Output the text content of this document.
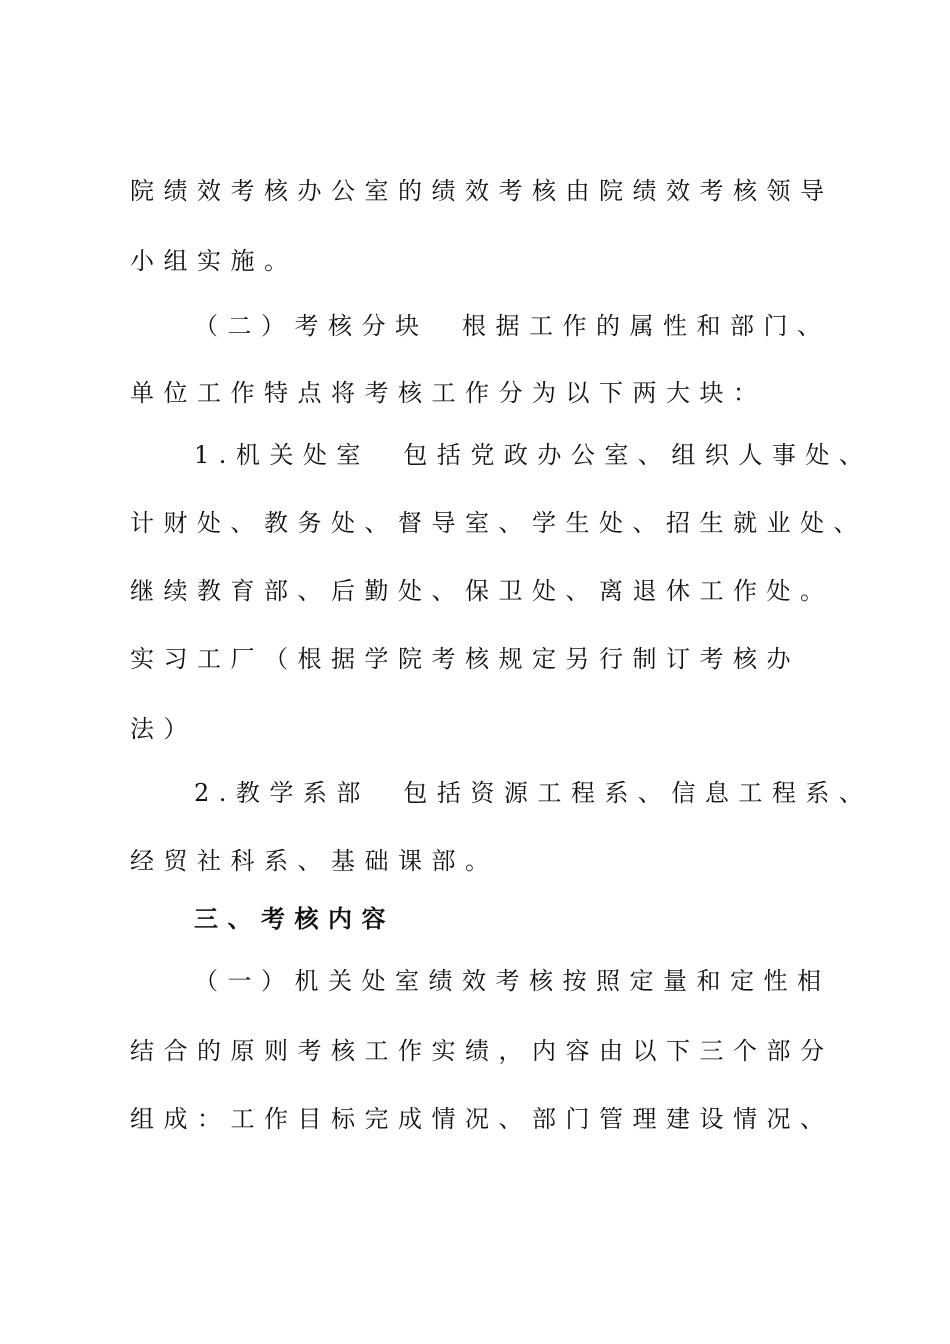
院绩效考核办公室的绩效考核由院绩效考核领导
小组实施。
（二）考核分块　根据工作的属性和部门、
单位工作特点将考核工作分为以下两大块：
1.机关处室　包括党政办公室、组织人事处、
计财处、教务处、督导室、学生处、招生就业处、
继续教育部、后勤处、保卫处、离退休工作处。
实习工厂（根据学院考核规定另行制订考核办
法）
2.教学系部　包括资源工程系、信息工程系、
经贸社科系、基础课部。
三、考核内容
（一）机关处室绩效考核按照定量和定性相
结合的原则考核工作实绩，内容由以下三个部分
组成：工作目标完成情况、部门管理建设情况、
